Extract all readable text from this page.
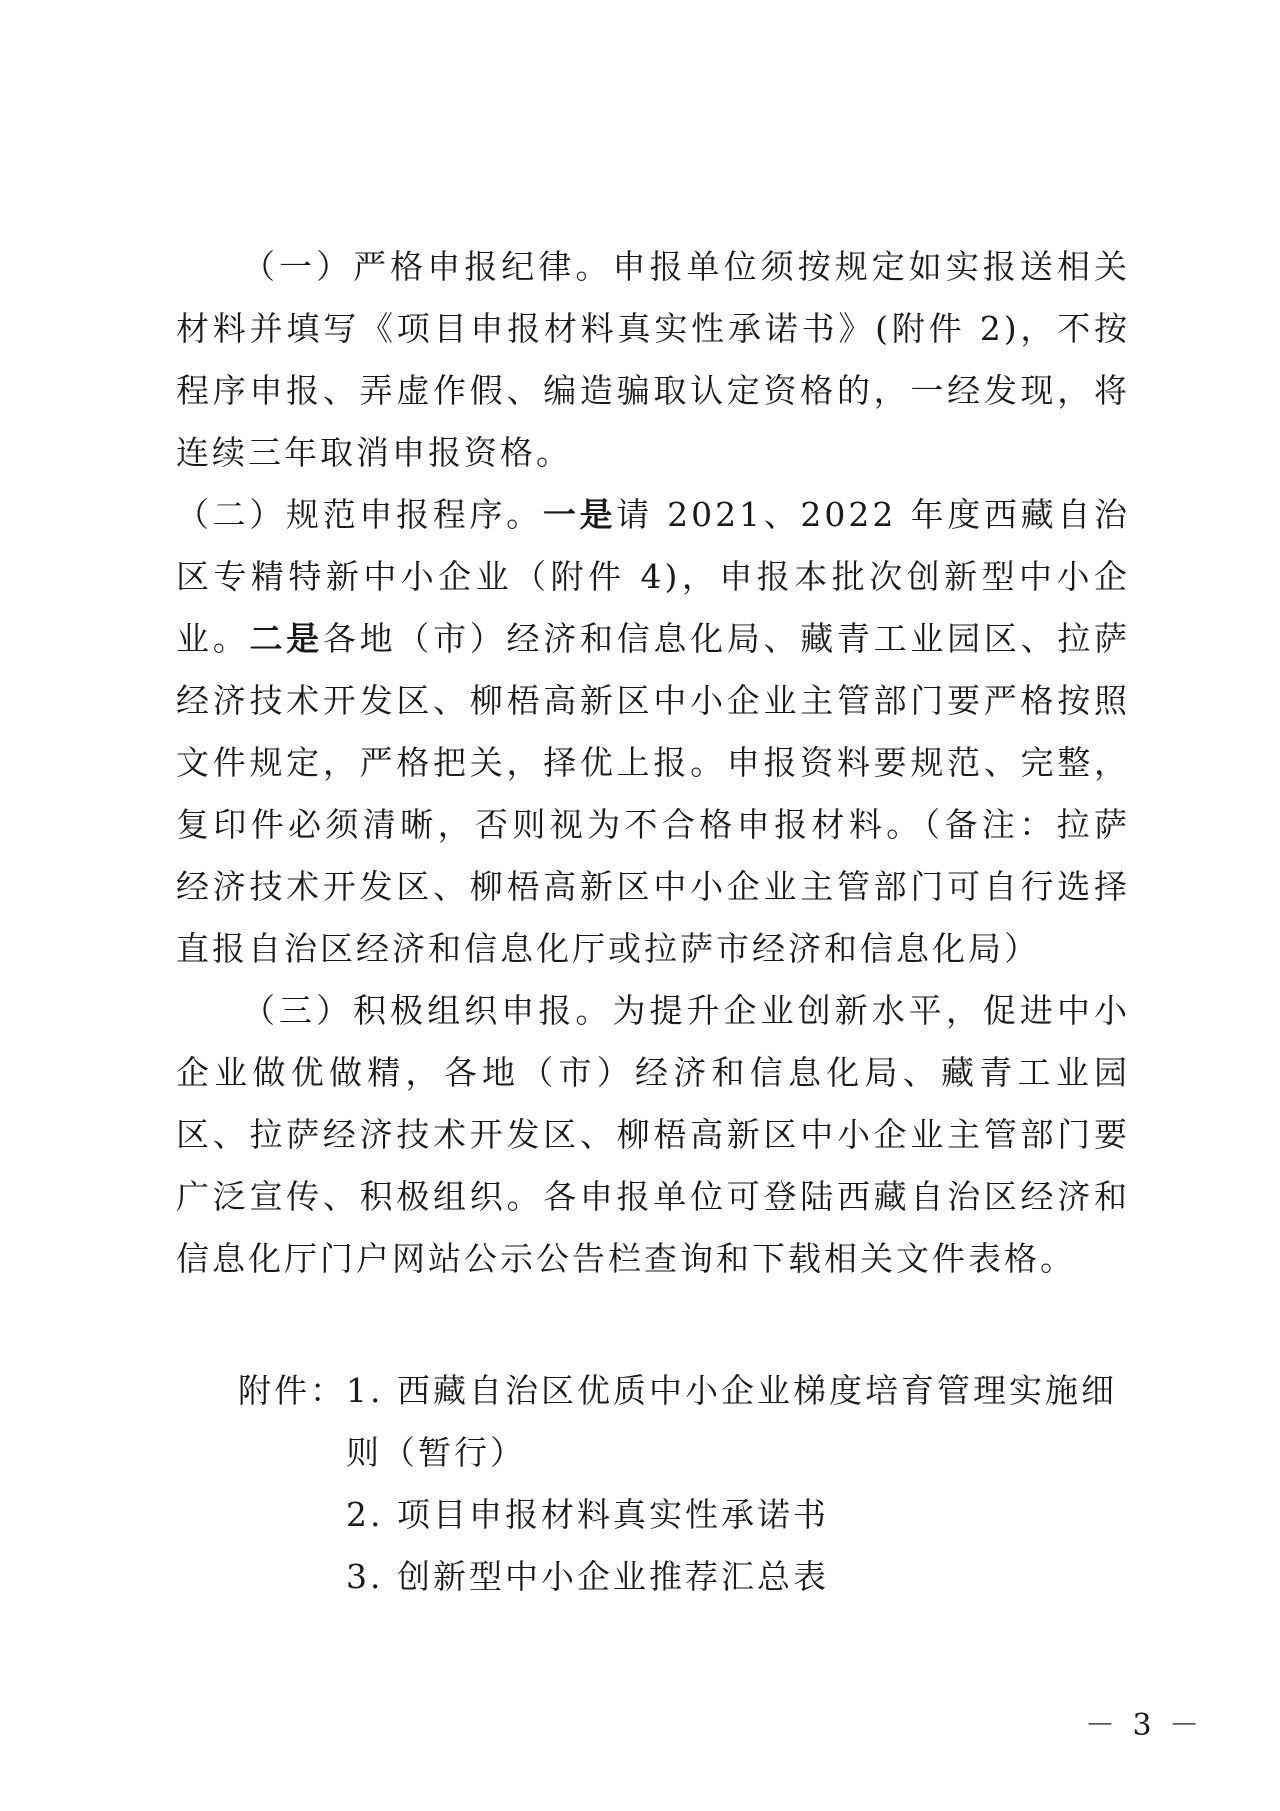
（一）严格申报纪律。申报单位须按规定如实报送相关材料并填写《项目申报材料真实性承诺书》(附件 2)，不按程序申报、弄虚作假、编造骗取认定资格的，一经发现，将连续三年取消申报资格。

（二）规范申报程序。一是请 2021、2022 年度西藏自治区专精特新中小企业（附件 4)，申报本批次创新型中小企业。二是各地（市）经济和信息化局、藏青工业园区、拉萨经济技术开发区、柳梧高新区中小企业主管部门要严格按照文件规定，严格把关，择优上报。申报资料要规范、完整，复印件必须清晰，否则视为不合格申报材料。（备注：拉萨经济技术开发区、柳梧高新区中小企业主管部门可自行选择直报自治区经济和信息化厅或拉萨市经济和信息化局）

（三）积极组织申报。为提升企业创新水平，促进中小企业做优做精，各地（市）经济和信息化局、藏青工业园区、拉萨经济技术开发区、柳梧高新区中小企业主管部门要广泛宣传、积极组织。各申报单位可登陆西藏自治区经济和信息化厅门户网站公示公告栏查询和下载相关文件表格。

附件： 1. 西藏自治区优质中小企业梯度培育管理实施细则（暂行）
2. 项目申报材料真实性承诺书
3. 创新型中小企业推荐汇总表
－ 3 －
